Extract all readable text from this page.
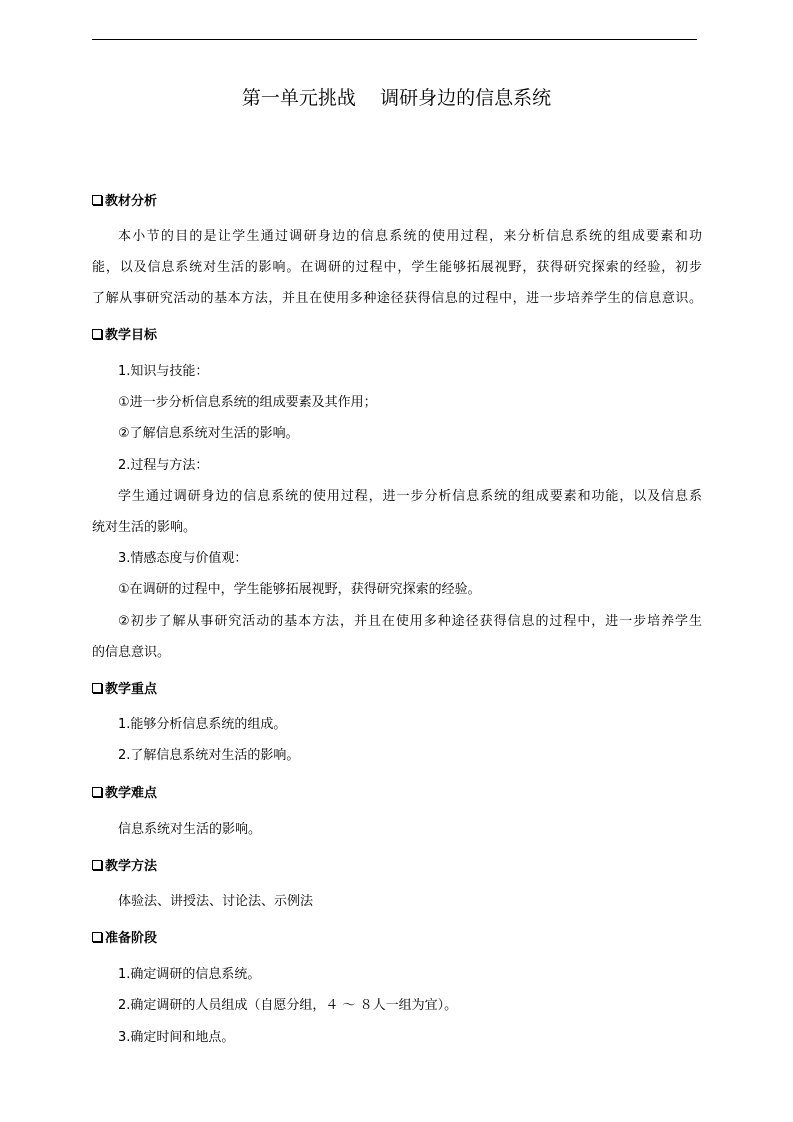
第一单元挑战    调研身边的信息系统
教材分析
本小节的目的是让学生通过调研身边的信息系统的使用过程，来分析信息系统的组成要素和功
能，以及信息系统对生活的影响。在调研的过程中，学生能够拓展视野，获得研究探索的经验，初步
了解从事研究活动的基本方法，并且在使用多种途径获得信息的过程中，进一步培养学生的信息意识。
教学目标
1.知识与技能：
①进一步分析信息系统的组成要素及其作用；
②了解信息系统对生活的影响。
2.过程与方法：
学生通过调研身边的信息系统的使用过程，进一步分析信息系统的组成要素和功能，以及信息系
统对生活的影响。
3.情感态度与价值观：
①在调研的过程中，学生能够拓展视野，获得研究探索的经验。
②初步了解从事研究活动的基本方法，并且在使用多种途径获得信息的过程中，进一步培养学生
的信息意识。
教学重点
1.能够分析信息系统的组成。
2.了解信息系统对生活的影响。
教学难点
信息系统对生活的影响。
教学方法
体验法、讲授法、讨论法、示例法
准备阶段
1.确定调研的信息系统。
2.确定调研的人员组成（自愿分组，４ ～ ８人一组为宜）。
3.确定时间和地点。
